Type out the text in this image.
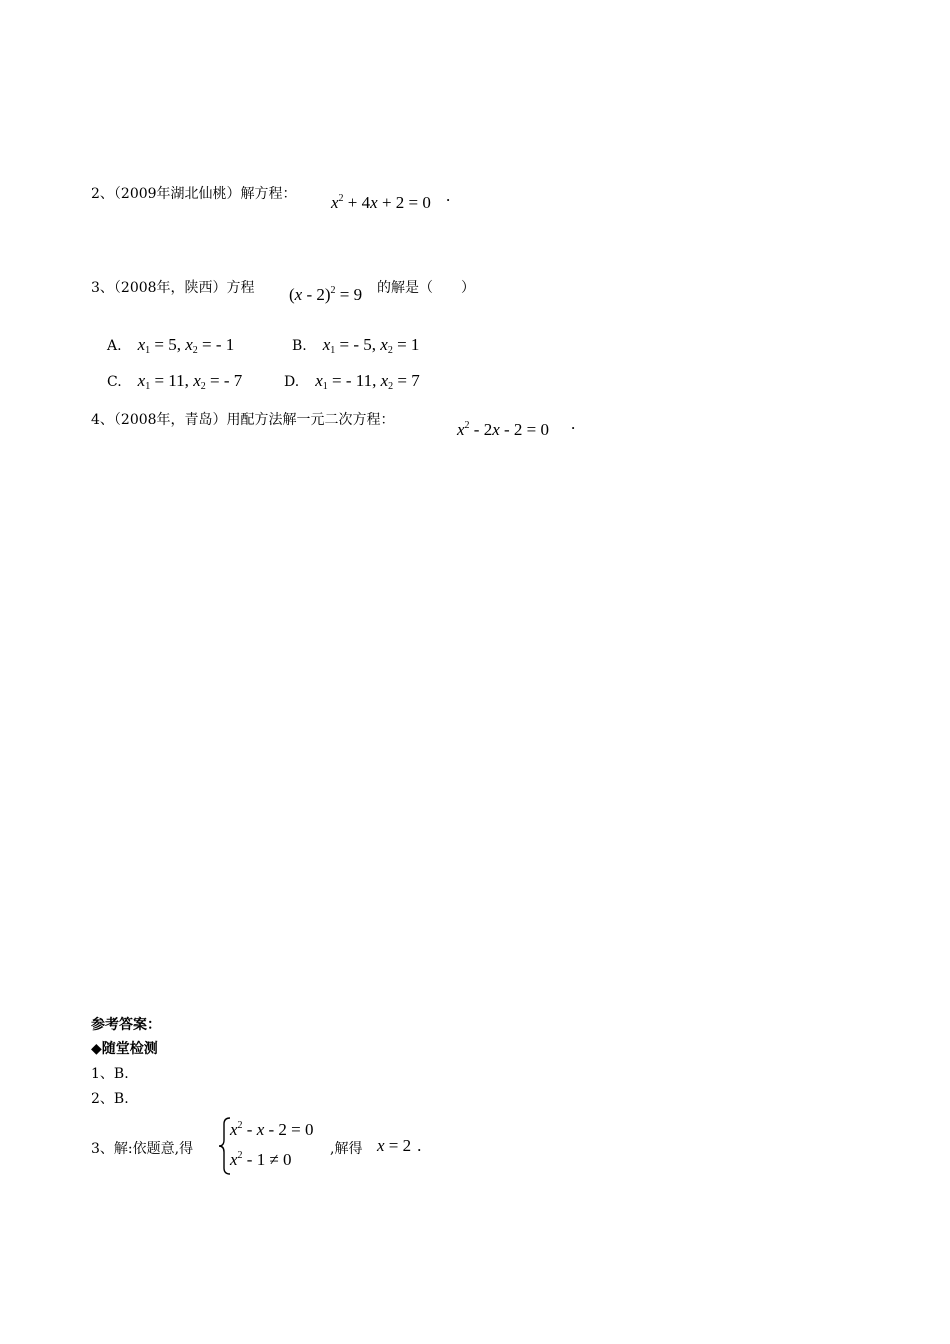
2、（2009年湖北仙桃）解方程： $x^2 + 4x + 2 = 0$ .
3、（2008年，陕西）方程 (x - 2)$^2$ = 9 的解是（　　）
A. $x_1 = 5$, $x_2$ = - 1	B. $x_1$ = - 5, $x_2 = 1$
C. $x_1 = 11$, $x_2$ = - 7	D. $x_1$ = - 11, $x_2 = 7$
4、（2008年，青岛）用配方法解一元二次方程：	$x^2 - 2x - 2 = 0$ .
参考答案：
◆随堂检测
1、B.
2、B.
3、解:依题意,得
$x^2 - x - 2 = 0$
$x^2 - 1 \ne 0$
,解得 x = 2 .
